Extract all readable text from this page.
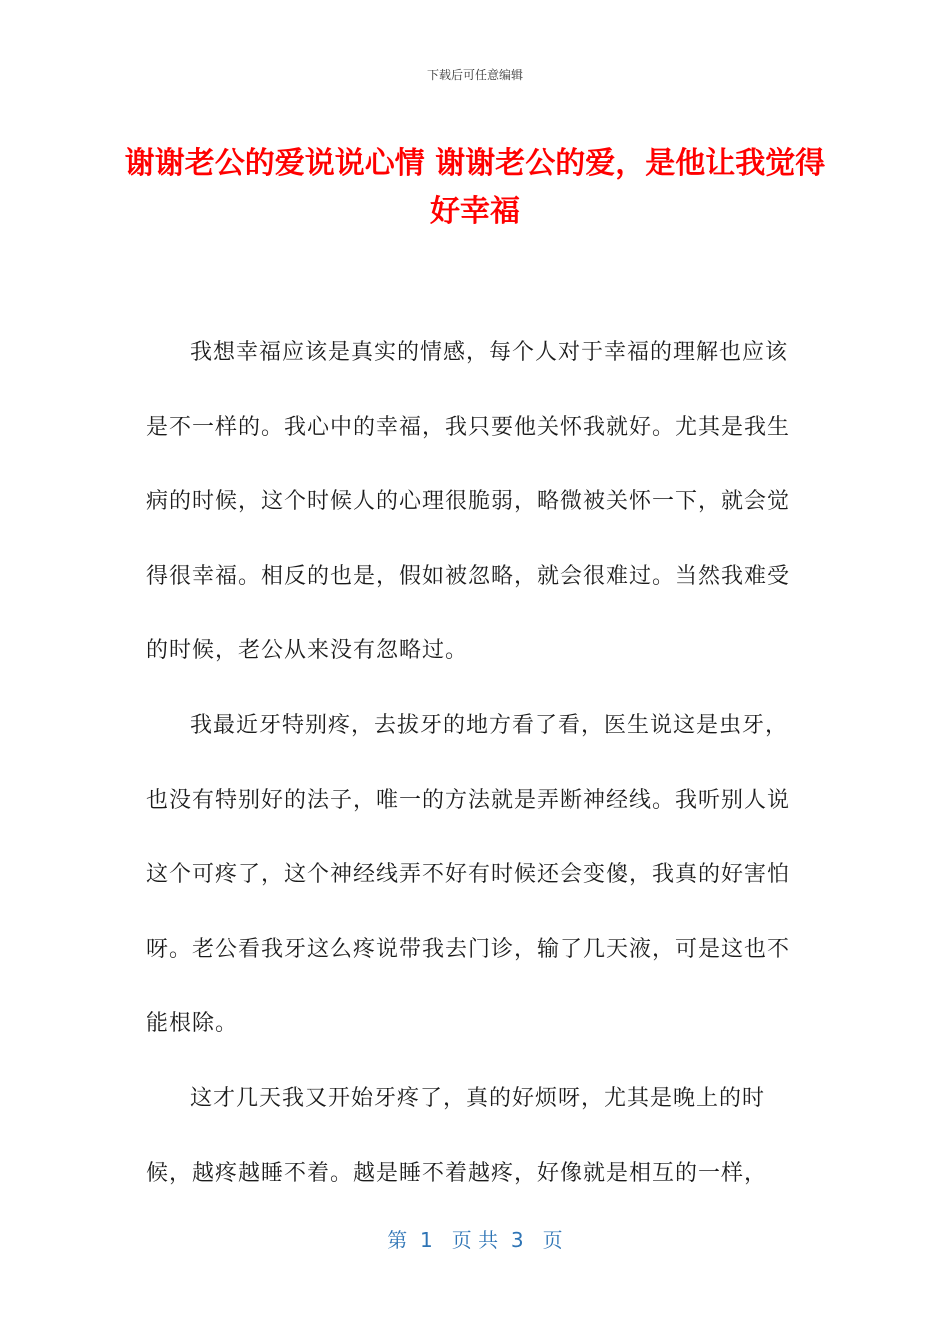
下载后可任意编辑
谢谢老公的爱说说心情 谢谢老公的爱，是他让我觉得好幸福

我想幸福应该是真实的情感，每个人对于幸福的理解也应该是不一样的。我心中的幸福，我只要他关怀我就好。尤其是我生病的时候，这个时候人的心理很脆弱，略微被关怀一下，就会觉得很幸福。相反的也是，假如被忽略，就会很难过。当然我难受的时候，老公从来没有忽略过。

我最近牙特别疼，去拔牙的地方看了看，医生说这是虫牙，也没有特别好的法子，唯一的方法就是弄断神经线。我听别人说这个可疼了，这个神经线弄不好有时候还会变傻，我真的好害怕呀。老公看我牙这么疼说带我去门诊，输了几天液，可是这也不能根除。

这才几天我又开始牙疼了，真的好烦呀，尤其是晚上的时候，越疼越睡不着。越是睡不着越疼，好像就是相互的一样，

第  1   页 共  3   页
